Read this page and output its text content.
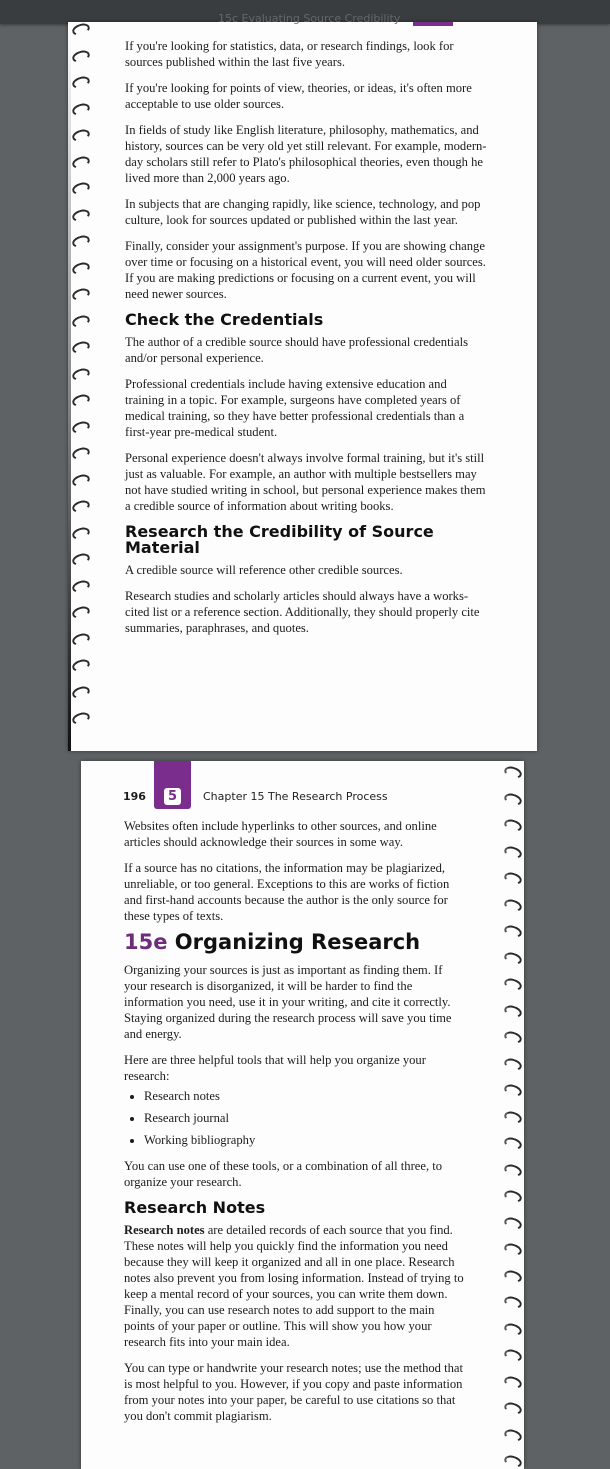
15c Evaluating Source Credibility

If you're looking for statistics, data, or research findings, look for sources published within the last five years.

If you're looking for points of view, theories, or ideas, it's often more acceptable to use older sources.

In fields of study like English literature, philosophy, mathematics, and history, sources can be very old yet still relevant. For example, modern-day scholars still refer to Plato's philosophical theories, even though he lived more than 2,000 years ago.

In subjects that are changing rapidly, like science, technology, and pop culture, look for sources updated or published within the last year.

Finally, consider your assignment's purpose. If you are showing change over time or focusing on a historical event, you will need older sources. If you are making predictions or focusing on a current event, you will need newer sources.

Check the Credentials

The author of a credible source should have professional credentials and/or personal experience.

Professional credentials include having extensive education and training in a topic. For example, surgeons have completed years of medical training, so they have better professional credentials than a first-year pre-medical student.

Personal experience doesn't always involve formal training, but it's still just as valuable. For example, an author with multiple bestsellers may not have studied writing in school, but personal experience makes them a credible source of information about writing books.

Research the Credibility of Source Material

A credible source will reference other credible sources.

Research studies and scholarly articles should always have a works-cited list or a reference section. Additionally, they should properly cite summaries, paraphrases, and quotes.

196	5	Chapter 15 The Research Process

Websites often include hyperlinks to other sources, and online articles should acknowledge their sources in some way.

If a source has no citations, the information may be plagiarized, unreliable, or too general. Exceptions to this are works of fiction and first-hand accounts because the author is the only source for these types of texts.

15e Organizing Research

Organizing your sources is just as important as finding them. If your research is disorganized, it will be harder to find the information you need, use it in your writing, and cite it correctly. Staying organized during the research process will save you time and energy.

Here are three helpful tools that will help you organize your research:

• Research notes
• Research journal
• Working bibliography

You can use one of these tools, or a combination of all three, to organize your research.

Research Notes

Research notes are detailed records of each source that you find. These notes will help you quickly find the information you need because they will keep it organized and all in one place. Research notes also prevent you from losing information. Instead of trying to keep a mental record of your sources, you can write them down. Finally, you can use research notes to add support to the main points of your paper or outline. This will show you how your research fits into your main idea.

You can type or handwrite your research notes; use the method that is most helpful to you. However, if you copy and paste information from your notes into your paper, be careful to use citations so that you don't commit plagiarism.
